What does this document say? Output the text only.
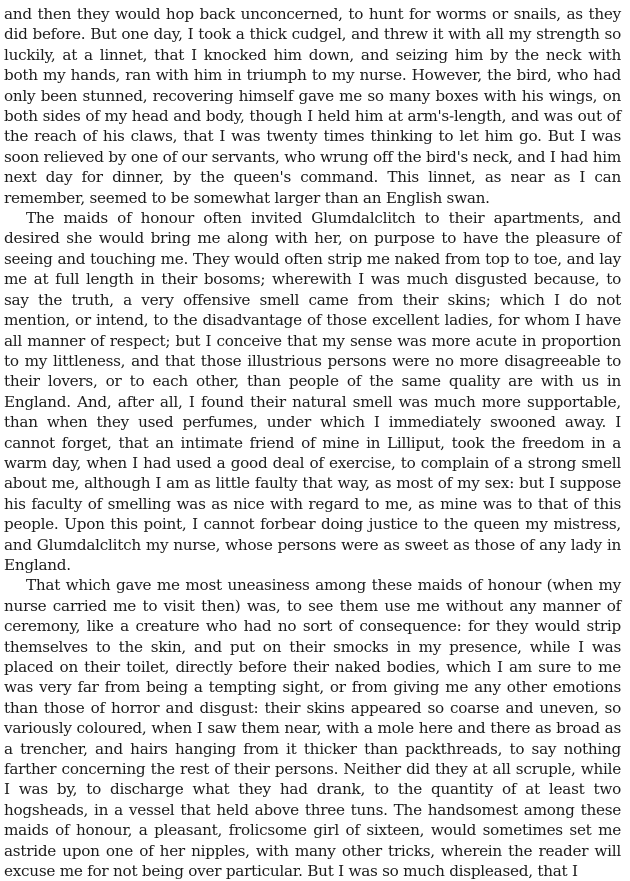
and then they would hop back unconcerned, to hunt for worms or snails, as they did before. But one day, I took a thick cudgel, and threw it with all my strength so luckily, at a linnet, that I knocked him down, and seizing him by the neck with both my hands, ran with him in triumph to my nurse. However, the bird, who had only been stunned, recovering himself gave me so many boxes with his wings, on both sides of my head and body, though I held him at arm's-length, and was out of the reach of his claws, that I was twenty times thinking to let him go. But I was soon relieved by one of our servants, who wrung off the bird's neck, and I had him next day for dinner, by the queen's command. This linnet, as near as I can remember, seemed to be somewhat larger than an English swan.

The maids of honour often invited Glumdalclitch to their apartments, and desired she would bring me along with her, on purpose to have the pleasure of seeing and touching me. They would often strip me naked from top to toe, and lay me at full length in their bosoms; wherewith I was much disgusted because, to say the truth, a very offensive smell came from their skins; which I do not mention, or intend, to the disadvantage of those excellent ladies, for whom I have all manner of respect; but I conceive that my sense was more acute in proportion to my littleness, and that those illustrious persons were no more disagreeable to their lovers, or to each other, than people of the same quality are with us in England. And, after all, I found their natural smell was much more supportable, than when they used perfumes, under which I immediately swooned away. I cannot forget, that an intimate friend of mine in Lilliput, took the freedom in a warm day, when I had used a good deal of exercise, to complain of a strong smell about me, although I am as little faulty that way, as most of my sex: but I suppose his faculty of smelling was as nice with regard to me, as mine was to that of this people. Upon this point, I cannot forbear doing justice to the queen my mistress, and Glumdalclitch my nurse, whose persons were as sweet as those of any lady in England.

That which gave me most uneasiness among these maids of honour (when my nurse carried me to visit then) was, to see them use me without any manner of ceremony, like a creature who had no sort of consequence: for they would strip themselves to the skin, and put on their smocks in my presence, while I was placed on their toilet, directly before their naked bodies, which I am sure to me was very far from being a tempting sight, or from giving me any other emotions than those of horror and disgust: their skins appeared so coarse and uneven, so variously coloured, when I saw them near, with a mole here and there as broad as a trencher, and hairs hanging from it thicker than packthreads, to say nothing farther concerning the rest of their persons. Neither did they at all scruple, while I was by, to discharge what they had drank, to the quantity of at least two hogsheads, in a vessel that held above three tuns. The handsomest among these maids of honour, a pleasant, frolicsome girl of sixteen, would sometimes set me astride upon one of her nipples, with many other tricks, wherein the reader will excuse me for not being over particular. But I was so much displeased, that I
